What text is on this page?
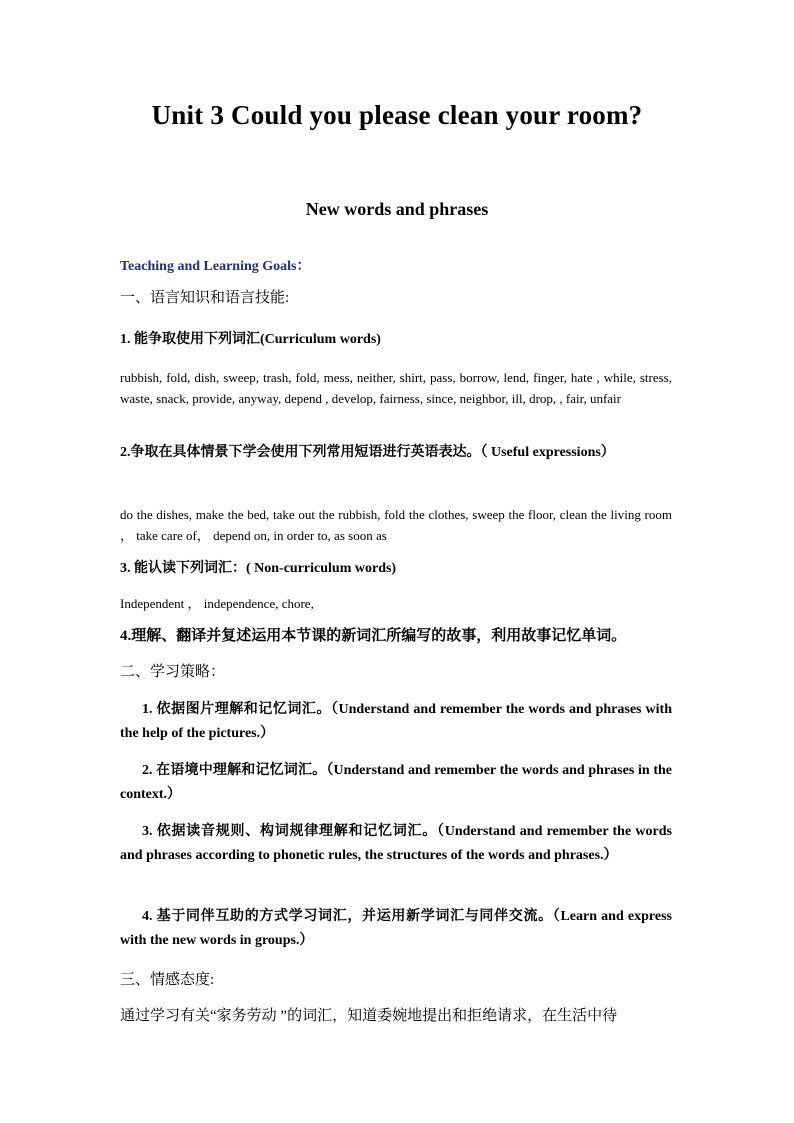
Unit 3 Could you please clean your room?
New words and phrases
Teaching and Learning Goals：
一、语言知识和语言技能:
1. 能争取使用下列词汇(Curriculum words)
rubbish, fold, dish, sweep, trash, fold, mess, neither, shirt, pass, borrow, lend, finger, hate , while, stress, waste, snack, provide, anyway, depend , develop, fairness, since, neighbor, ill, drop, , fair, unfair
2.争取在具体情景下学会使用下列常用短语进行英语表达。（ Useful expressions）
do the dishes, make the bed, take out the rubbish, fold the clothes, sweep the floor, clean the living room ， take care of， depend on, in order to, as soon as
3. 能认读下列词汇：( Non-curriculum words)
Independent ， independence, chore,
4.理解、翻译并复述运用本节课的新词汇所编写的故事，利用故事记忆单词。
二、学习策略：
1. 依据图片理解和记忆词汇。（Understand and remember the words and phrases with the help of the pictures.）
2. 在语境中理解和记忆词汇。（Understand and remember the words and phrases in the context.）
3. 依据读音规则、构词规律理解和记忆词汇。（Understand and remember the words and phrases according to phonetic rules, the structures of the words and phrases.）
4. 基于同伴互助的方式学习词汇，并运用新学词汇与同伴交流。（Learn and express with the new words in groups.）
三、情感态度:
通过学习有关“家务劳动 ”的词汇，知道委婉地提出和拒绝请求，在生活中待
